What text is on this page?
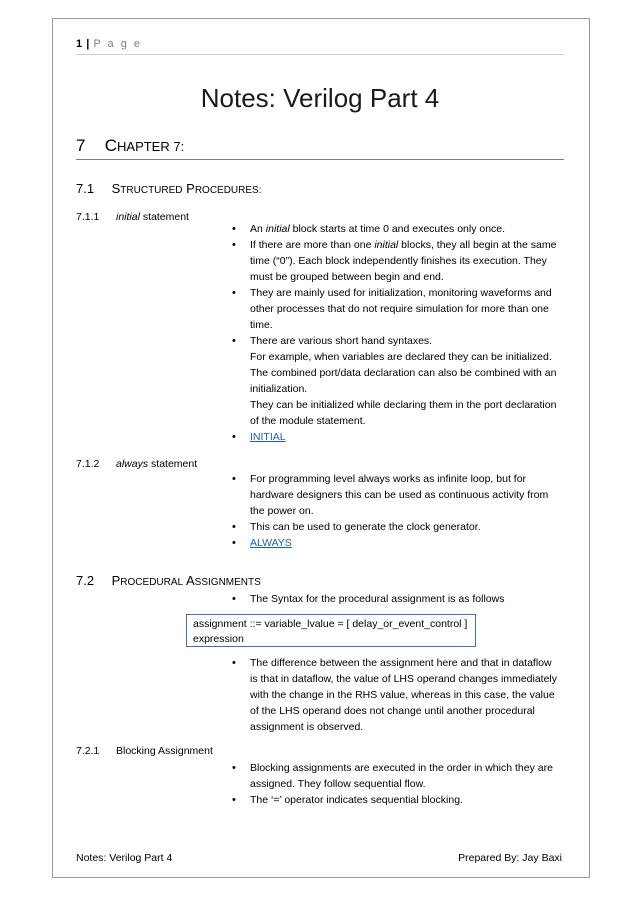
1 | P a g e
Notes: Verilog Part 4
7 CHAPTER 7:
7.1 STRUCTURED PROCEDURES:
7.1.1 initial statement
• An initial block starts at time 0 and executes only once.
• If there are more than one initial blocks, they all begin at the same time (“0”). Each block independently finishes its execution. They must be grouped between begin and end.
• They are mainly used for initialization, monitoring waveforms and other processes that do not require simulation for more than one time.
• There are various short hand syntaxes.
For example, when variables are declared they can be initialized. The combined port/data declaration can also be combined with an initialization.
They can be initialized while declaring them in the port declaration of the module statement.
• INITIAL
7.1.2 always statement
• For programming level always works as infinite loop, but for hardware designers this can be used as continuous activity from the power on.
• This can be used to generate the clock generator.
• ALWAYS
7.2 PROCEDURAL ASSIGNMENTS
• The Syntax for the procedural assignment is as follows
assignment ::= variable_lvalue = [ delay_or_event_control ]
expression
• The difference between the assignment here and that in dataflow is that in dataflow, the value of LHS operand changes immediately with the change in the RHS value, whereas in this case, the value of the LHS operand does not change until another procedural assignment is observed.
7.2.1 Blocking Assignment
• Blocking assignments are executed in the order in which they are assigned. They follow sequential flow.
• The ‘=’ operator indicates sequential blocking.
Notes: Verilog Part 4	Prepared By: Jay Baxi
